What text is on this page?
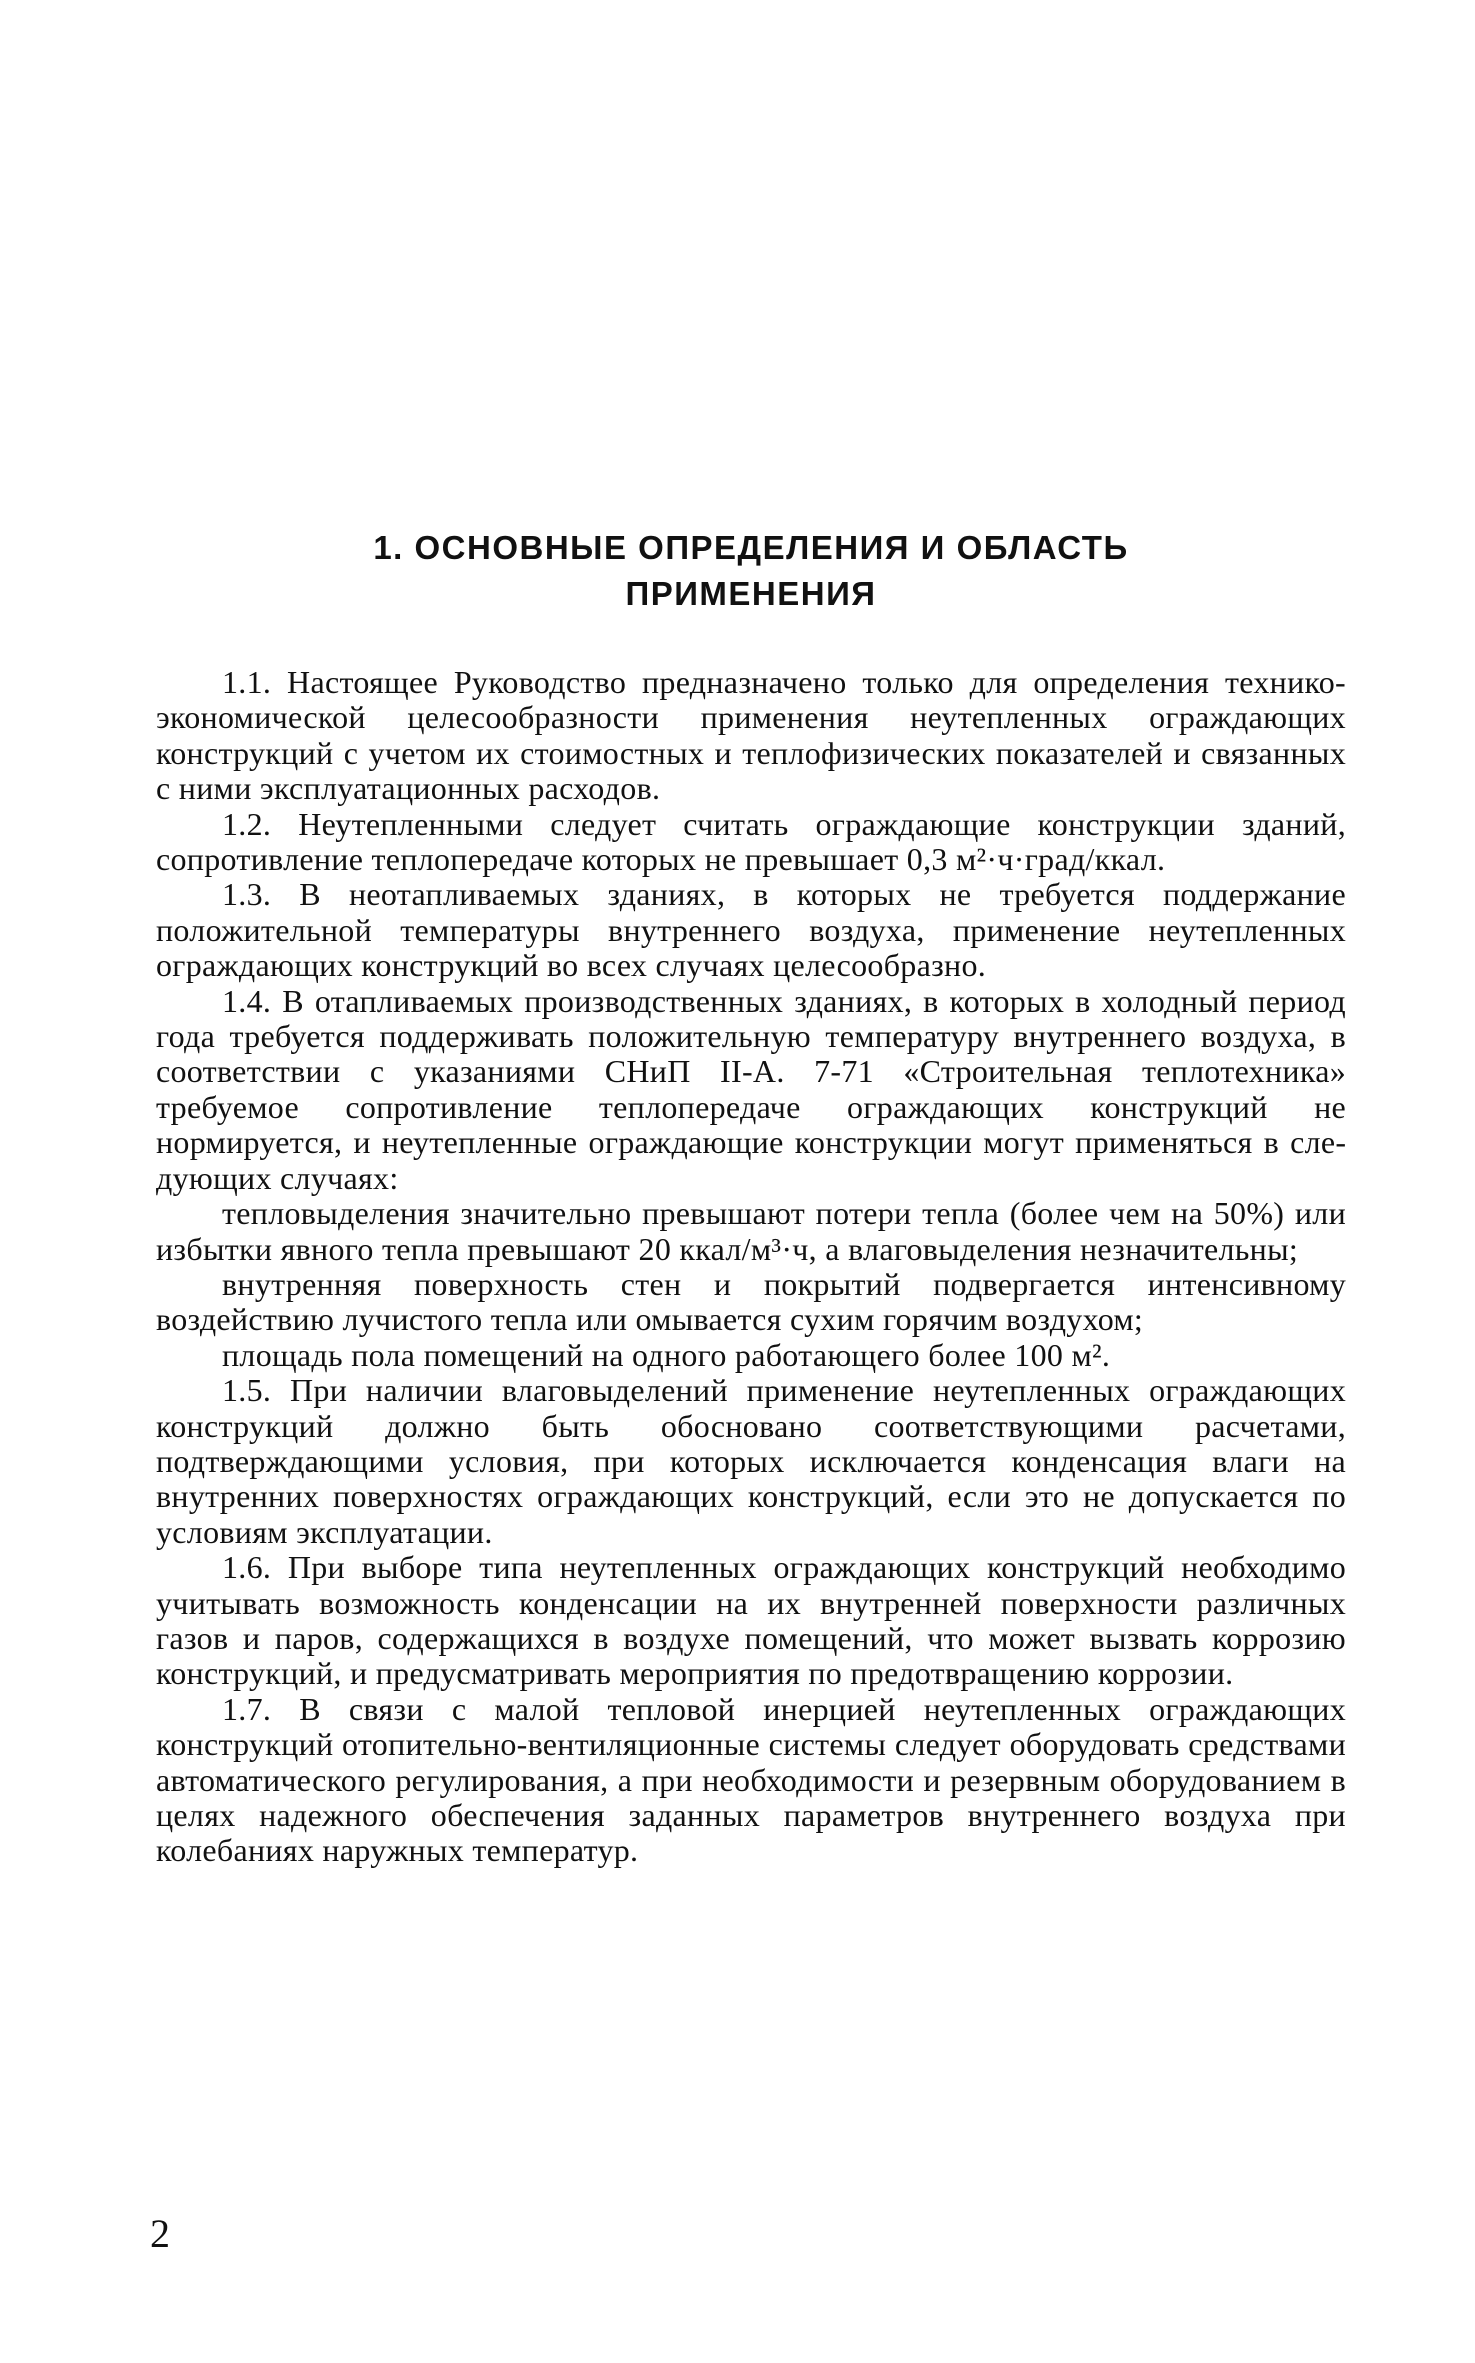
1. ОСНОВНЫЕ ОПРЕДЕЛЕНИЯ И ОБЛАСТЬ
ПРИМЕНЕНИЯ

1.1. Настоящее Руководство предназначено только для определения технико-экономической целесообразности применения неутепленных ограждающих конструкций с учетом их стоимостных и теплофизических показателей и связанных с ними эксплуатационных расходов.

1.2. Неутепленными следует считать ограждающие конструкции зданий, сопротивление теплопередаче которых не превышает 0,3 м²·ч·град/ккал.

1.3. В неотапливаемых зданиях, в которых не требуется поддержание положительной температуры внутреннего воздуха, применение неутепленных ограждающих конструкций во всех случаях целесообразно.

1.4. В отапливаемых производственных зданиях, в которых в холодный период года требуется поддерживать положительную температуру внутреннего воздуха, в соответствии с указаниями СНиП II-А. 7-71 «Строительная теплотехника» требуемое сопротивление теплопередаче ограждающих конструкций не нормируется, и неутепленные ограждающие конструкции могут применяться в следующих случаях:

тепловыделения значительно превышают потери тепла (более чем на 50%) или избытки явного тепла превышают 20 ккал/м³·ч, а влаговыделения незначительны;

внутренняя поверхность стен и покрытий подвергается интенсивному воздействию лучистого тепла или омывается сухим горячим воздухом;

площадь пола помещений на одного работающего более 100 м².

1.5. При наличии влаговыделений применение неутепленных ограждающих конструкций должно быть обосновано соответствующими расчетами, подтверждающими условия, при которых исключается конденсация влаги на внутренних поверхностях ограждающих конструкций, если это не допускается по условиям эксплуатации.

1.6. При выборе типа неутепленных ограждающих конструкций необходимо учитывать возможность конденсации на их внутренней поверхности различных газов и паров, содержащихся в воздухе помещений, что может вызвать коррозию конструкций, и предусматривать мероприятия по предотвращению коррозии.

1.7. В связи с малой тепловой инерцией неутепленных ограждающих конструкций отопительно-вентиляционные системы следует оборудовать средствами автоматического регулирования, а при необходимости и резервным оборудованием в целях надежного обеспечения заданных параметров внутреннего воздуха при колебаниях наружных температур.

2
